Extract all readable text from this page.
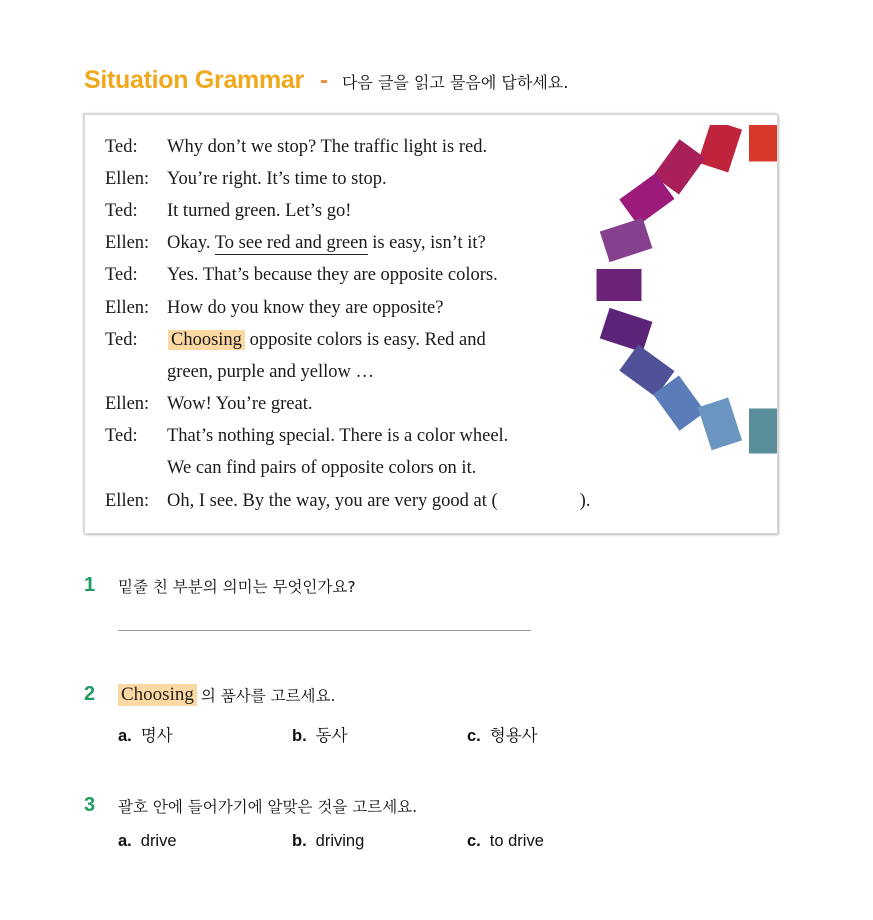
Situation Grammar - 다음 글을 읽고 물음에 답하세요.
Ted:	Why don’t we stop? The traffic light is red.
Ellen: You’re right. It’s time to stop.
Ted:	It turned green. Let’s go!
Ellen: Okay. To see red and green is easy, isn’t it?
Ted:	Yes. That’s because they are opposite colors.
Ellen: How do you know they are opposite?
Ted:	Choosing opposite colors is easy. Red and
green, purple and yellow …
Ellen: Wow! You’re great.
Ted:	That’s nothing special. There is a color wheel.
We can find pairs of opposite colors on it.
Ellen: Oh, I see. By the way, you are very good at (	).
1	밑줄 친 부분의 의미는 무엇인가요?
2	Choosing 의 품사를 고르세요.
a. 명사	b. 동사	c. 형용사
3	괄호 안에 들어가기에 알맞은 것을 고르세요.
a. drive	b. driving	c. to drive
